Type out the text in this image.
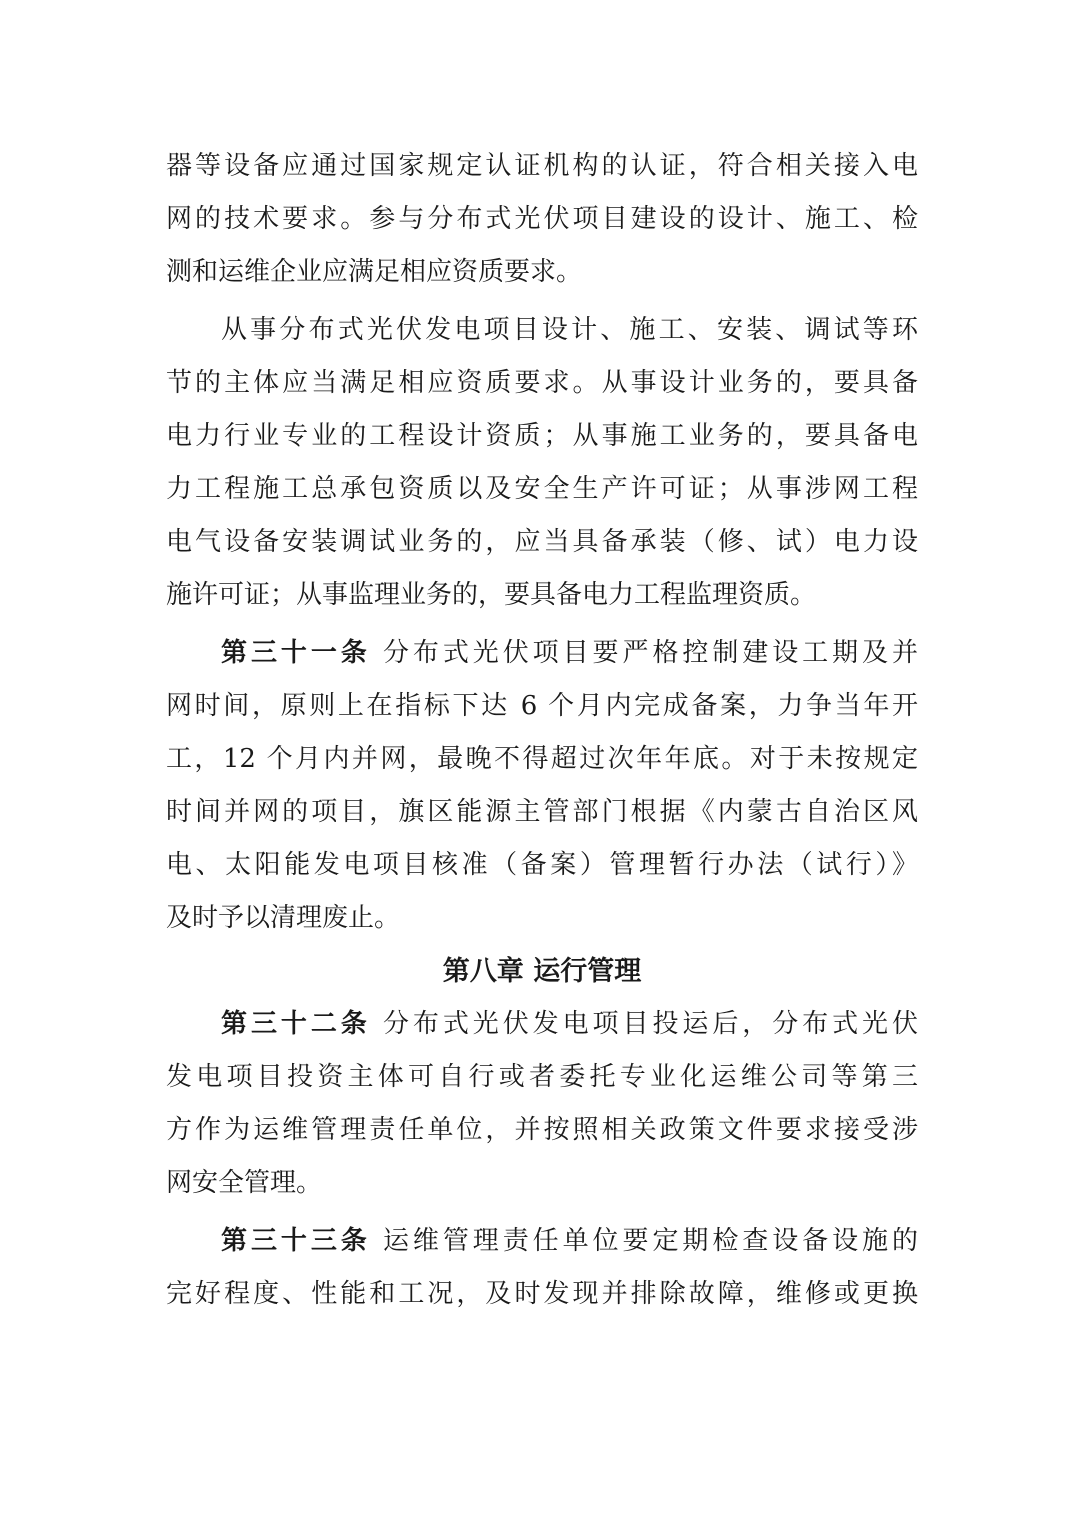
器等设备应通过国家规定认证机构的认证，符合相关接入电
网的技术要求。参与分布式光伏项目建设的设计、施工、检
测和运维企业应满足相应资质要求。
从事分布式光伏发电项目设计、施工、安装、调试等环
节的主体应当满足相应资质要求。从事设计业务的，要具备
电力行业专业的工程设计资质；从事施工业务的，要具备电
力工程施工总承包资质以及安全生产许可证；从事涉网工程
电气设备安装调试业务的，应当具备承装（修、试）电力设
施许可证；从事监理业务的，要具备电力工程监理资质。
第三十一条 分布式光伏项目要严格控制建设工期及并
网时间，原则上在指标下达 6 个月内完成备案，力争当年开
工，12 个月内并网，最晚不得超过次年年底。对于未按规定
时间并网的项目，旗区能源主管部门根据《内蒙古自治区风
电、太阳能发电项目核准（备案）管理暂行办法（试行）》
及时予以清理废止。
第八章 运行管理
第三十二条 分布式光伏发电项目投运后，分布式光伏
发电项目投资主体可自行或者委托专业化运维公司等第三
方作为运维管理责任单位，并按照相关政策文件要求接受涉
网安全管理。
第三十三条 运维管理责任单位要定期检查设备设施的
完好程度、性能和工况，及时发现并排除故障，维修或更换
